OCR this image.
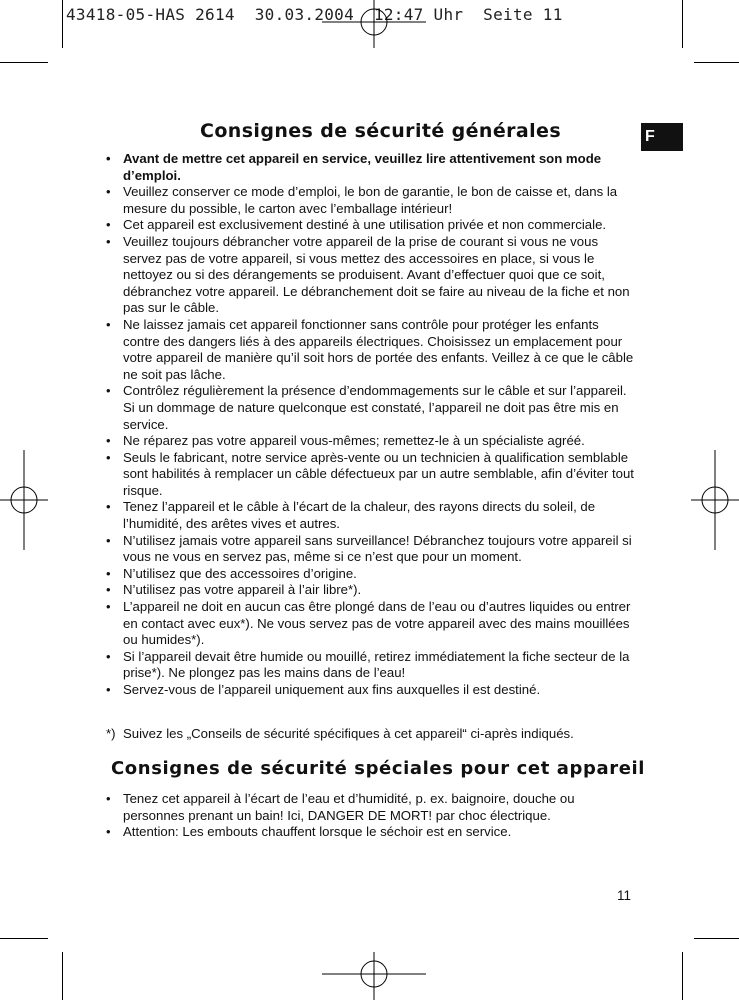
43418-05-HAS 2614  30.03.2004  12:47 Uhr  Seite 11
F
Consignes de sécurité générales
• Avant de mettre cet appareil en service, veuillez lire attentivement son mode d’emploi.
• Veuillez conserver ce mode d’emploi, le bon de garantie, le bon de caisse et, dans la mesure du possible, le carton avec l’emballage intérieur!
• Cet appareil est exclusivement destiné à une utilisation privée et non commerciale.
• Veuillez toujours débrancher votre appareil de la prise de courant si vous ne vous servez pas de votre appareil, si vous mettez des accessoires en place, si vous le nettoyez ou si des dérangements se produisent. Avant d’effectuer quoi que ce soit, débranchez votre appareil. Le débranchement doit se faire au niveau de la fiche et non pas sur le câble.
• Ne laissez jamais cet appareil fonctionner sans contrôle pour protéger les enfants contre des dangers liés à des appareils électriques. Choisissez un emplacement pour votre appareil de manière qu’il soit hors de portée des enfants. Veillez à ce que le câble ne soit pas lâche.
• Contrôlez régulièrement la présence d’endommagements sur le câble et sur l’appareil. Si un dommage de nature quelconque est constaté, l’appareil ne doit pas être mis en service.
• Ne réparez pas votre appareil vous-mêmes; remettez-le à un spécialiste agréé.
• Seuls le fabricant, notre service après-vente ou un technicien à qualification semblable sont habilités à remplacer un câble défectueux par un autre semblable, afin d’éviter tout risque.
• Tenez l’appareil et le câble à l’écart de la chaleur, des rayons directs du soleil, de l’humidité, des arêtes vives et autres.
• N’utilisez jamais votre appareil sans surveillance! Débranchez toujours votre appareil si vous ne vous en servez pas, même si ce n’est que pour un moment.
• N’utilisez que des accessoires d’origine.
• N’utilisez pas votre appareil à l’air libre*).
• L’appareil ne doit en aucun cas être plongé dans de l’eau ou d’autres liquides ou entrer en contact avec eux*). Ne vous servez pas de votre appareil avec des mains mouillées ou humides*).
• Si l’appareil devait être humide ou mouillé, retirez immédiatement la fiche secteur de la prise*). Ne plongez pas les mains dans de l’eau!
• Servez-vous de l’appareil uniquement aux fins auxquelles il est destiné.
*) Suivez les „Conseils de sécurité spécifiques à cet appareil“ ci-après indiqués.
Consignes de sécurité spéciales pour cet appareil
• Tenez cet appareil à l’écart de l’eau et d’humidité, p. ex. baignoire, douche ou personnes prenant un bain! Ici, DANGER DE MORT! par choc électrique.
• Attention: Les embouts chauffent lorsque le séchoir est en service.
11
